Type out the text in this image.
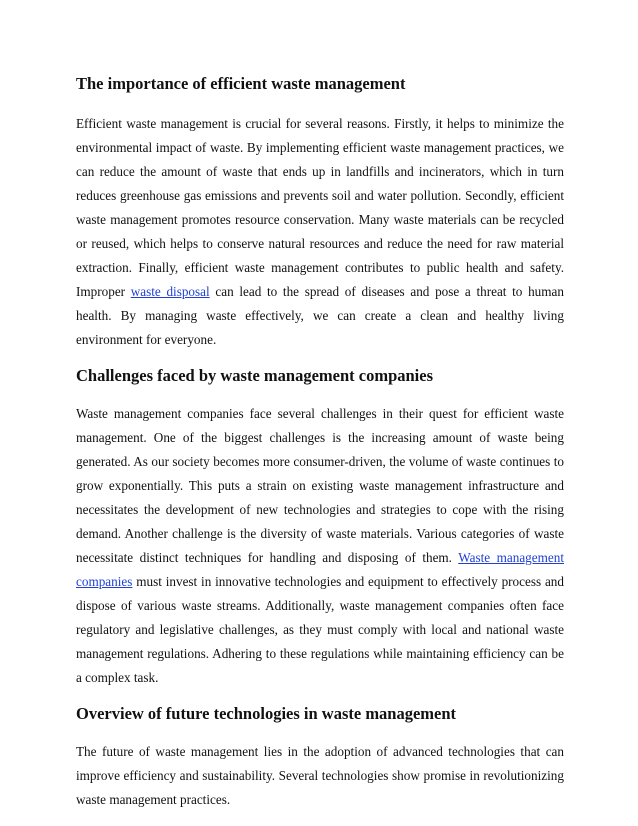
The importance of efficient waste management

Efficient waste management is crucial for several reasons. Firstly, it helps to minimize the environmental impact of waste. By implementing efficient waste management practices, we can reduce the amount of waste that ends up in landfills and incinerators, which in turn reduces greenhouse gas emissions and prevents soil and water pollution. Secondly, efficient waste management promotes resource conservation. Many waste materials can be recycled or reused, which helps to conserve natural resources and reduce the need for raw material extraction. Finally, efficient waste management contributes to public health and safety. Improper waste disposal can lead to the spread of diseases and pose a threat to human health. By managing waste effectively, we can create a clean and healthy living environment for everyone.

Challenges faced by waste management companies

Waste management companies face several challenges in their quest for efficient waste management. One of the biggest challenges is the increasing amount of waste being generated. As our society becomes more consumer-driven, the volume of waste continues to grow exponentially. This puts a strain on existing waste management infrastructure and necessitates the development of new technologies and strategies to cope with the rising demand. Another challenge is the diversity of waste materials. Various categories of waste necessitate distinct techniques for handling and disposing of them. Waste management companies must invest in innovative technologies and equipment to effectively process and dispose of various waste streams. Additionally, waste management companies often face regulatory and legislative challenges, as they must comply with local and national waste management regulations. Adhering to these regulations while maintaining efficiency can be a complex task.

Overview of future technologies in waste management

The future of waste management lies in the adoption of advanced technologies that can improve efficiency and sustainability. Several technologies show promise in revolutionizing waste management practices.
